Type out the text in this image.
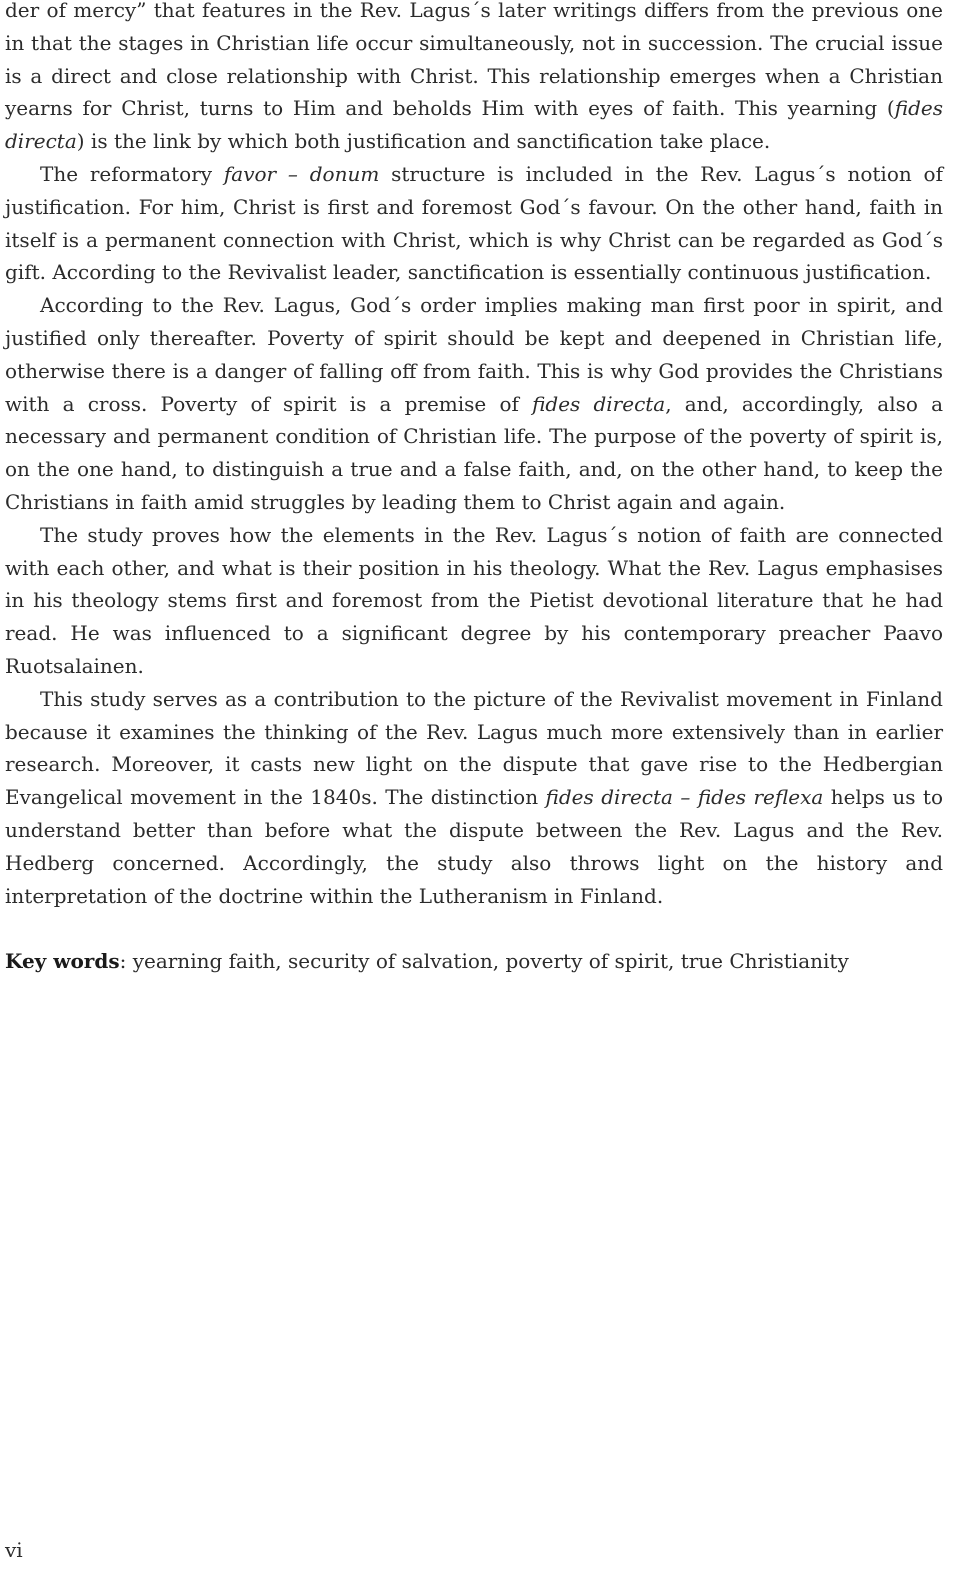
der of mercy” that features in the Rev. Lagus´s later writings differs from the previous one in that the stages in Christian life occur simultaneously, not in succession. The crucial issue is a direct and close relationship with Christ. This relationship emerges when a Christian yearns for Christ, turns to Him and beholds Him with eyes of faith. This yearning (fides directa) is the link by which both justification and sanctification take place.

The reformatory favor – donum structure is included in the Rev. Lagus´s notion of justification. For him, Christ is first and foremost God´s favour. On the other hand, faith in itself is a permanent connection with Christ, which is why Christ can be regarded as God´s gift. According to the Revivalist leader, sanctification is essentially continuous justification.

According to the Rev. Lagus, God´s order implies making man first poor in spirit, and justified only thereafter. Poverty of spirit should be kept and deepened in Christian life, otherwise there is a danger of falling off from faith. This is why God provides the Christians with a cross. Poverty of spirit is a premise of fides directa, and, accordingly, also a necessary and permanent condition of Christian life. The purpose of the poverty of spirit is, on the one hand, to distinguish a true and a false faith, and, on the other hand, to keep the Christians in faith amid struggles by leading them to Christ again and again.

The study proves how the elements in the Rev. Lagus´s notion of faith are connected with each other, and what is their position in his theology. What the Rev. Lagus emphasises in his theology stems first and foremost from the Pietist devotional literature that he had read. He was influenced to a significant degree by his contemporary preacher Paavo Ruotsalainen.

This study serves as a contribution to the picture of the Revivalist movement in Finland because it examines the thinking of the Rev. Lagus much more extensively than in earlier research. Moreover, it casts new light on the dispute that gave rise to the Hedbergian Evangelical movement in the 1840s. The distinction fides directa – fides reflexa helps us to understand better than before what the dispute between the Rev. Lagus and the Rev. Hedberg concerned. Accordingly, the study also throws light on the history and interpretation of the doctrine within the Lutheranism in Finland.

Key words: yearning faith, security of salvation, poverty of spirit, true Christianity

vi
